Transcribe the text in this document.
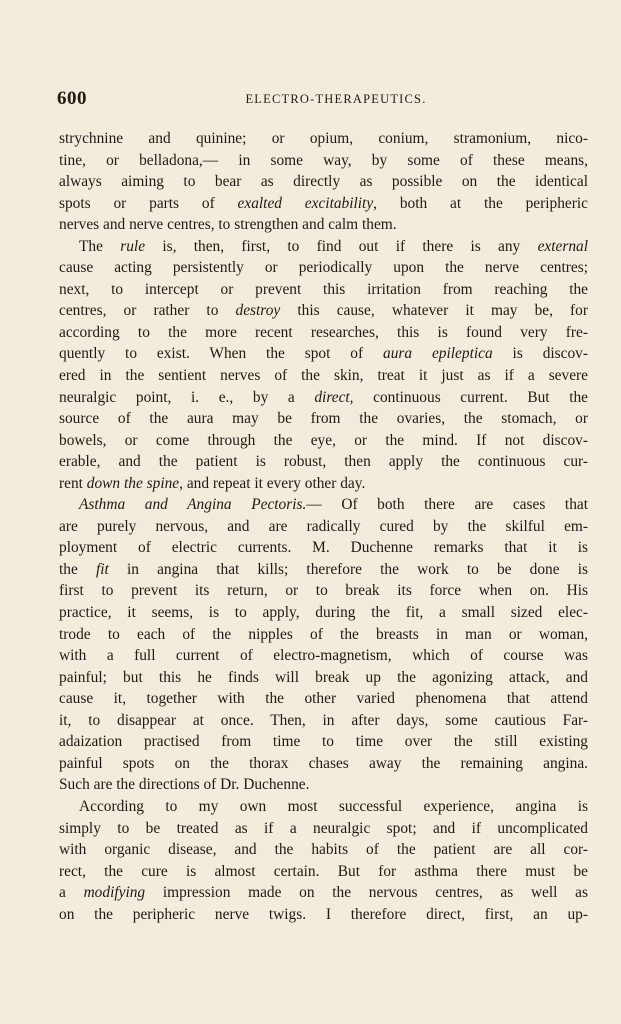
600	ELECTRO-THERAPEUTICS.
strychnine and quinine; or opium, conium, stramonium, nico-
tine, or belladona,— in some way, by some of these means,
always aiming to bear as directly as possible on the identical
spots or parts of exalted excitability, both at the peripheric
nerves and nerve centres, to strengthen and calm them.
The rule is, then, first, to find out if there is any external
cause acting persistently or periodically upon the nerve centres;
next, to intercept or prevent this irritation from reaching the
centres, or rather to destroy this cause, whatever it may be, for
according to the more recent researches, this is found very fre-
quently to exist. When the spot of aura epileptica is discov-
ered in the sentient nerves of the skin, treat it just as if a severe
neuralgic point, i. e., by a direct, continuous current. But the
source of the aura may be from the ovaries, the stomach, or
bowels, or come through the eye, or the mind. If not discov-
erable, and the patient is robust, then apply the continuous cur-
rent down the spine, and repeat it every other day.
Asthma and Angina Pectoris.— Of both there are cases that
are purely nervous, and are radically cured by the skilful em-
ployment of electric currents. M. Duchenne remarks that it is
the fit in angina that kills; therefore the work to be done is
first to prevent its return, or to break its force when on. His
practice, it seems, is to apply, during the fit, a small sized elec-
trode to each of the nipples of the breasts in man or woman,
with a full current of electro-magnetism, which of course was
painful; but this he finds will break up the agonizing attack, and
cause it, together with the other varied phenomena that attend
it, to disappear at once. Then, in after days, some cautious Far-
adaization practised from time to time over the still existing
painful spots on the thorax chases away the remaining angina.
Such are the directions of Dr. Duchenne.
According to my own most successful experience, angina is
simply to be treated as if a neuralgic spot; and if uncomplicated
with organic disease, and the habits of the patient are all cor-
rect, the cure is almost certain. But for asthma there must be
a modifying impression made on the nervous centres, as well as
on the peripheric nerve twigs. I therefore direct, first, an up-
